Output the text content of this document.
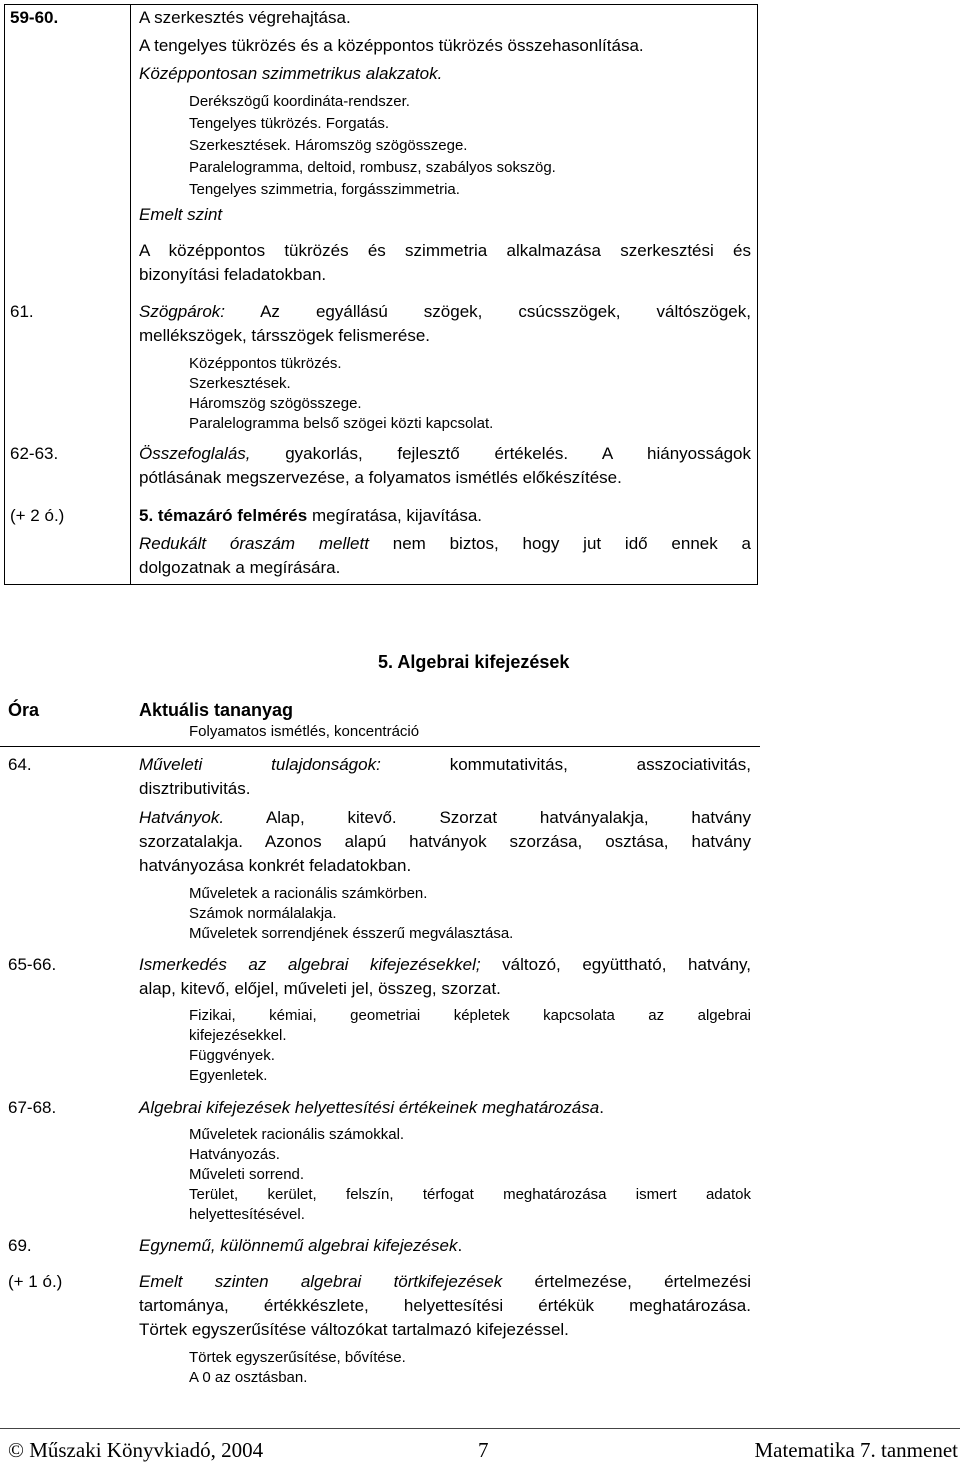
59-60.	A szerkesztés végrehajtása.
A tengelyes tükrözés és a középpontos tükrözés összehasonlítása.
Középpontosan szimmetrikus alakzatok.
Derékszögű koordináta-rendszer.
Tengelyes tükrözés. Forgatás.
Szerkesztések. Háromszög szögösszege.
Paralelogramma, deltoid, rombusz, szabályos sokszög.
Tengelyes szimmetria, forgásszimmetria.
Emelt szint
A középpontos tükrözés és szimmetria alkalmazása szerkesztési és
bizonyítási feladatokban.
61.	Szögpárok: Az egyállású szögek, csúcsszögek, váltószögek,
mellékszögek, társszögek felismerése.
Középpontos tükrözés.
Szerkesztések.
Háromszög szögösszege.
Paralelogramma belső szögei közti kapcsolat.
62-63.	Összefoglalás, gyakorlás, fejlesztő értékelés. A hiányosságok
pótlásának megszervezése, a folyamatos ismétlés előkészítése.
(+ 2 ó.)	5. témazáró felmérés megíratása, kijavítása.
Redukált óraszám mellett nem biztos, hogy jut idő ennek a
dolgozatnak a megírására.
5. Algebrai kifejezések
Óra	Aktuális tananyag
Folyamatos ismétlés, koncentráció
64.	Műveleti tulajdonságok:	kommutativitás, asszociativitás,
disztributivitás.
Hatványok. Alap, kitevő. Szorzat hatványalakja, hatvány
szorzatalakja. Azonos alapú hatványok szorzása, osztása, hatvány
hatványozása konkrét feladatokban.
Műveletek a racionális számkörben.
Számok normálalakja.
Műveletek sorrendjének ésszerű megválasztása.
65-66.	Ismerkedés az algebrai kifejezésekkel; változó, együttható, hatvány,
alap, kitevő, előjel, műveleti jel, összeg, szorzat.
Fizikai, kémiai, geometriai képletek kapcsolata az algebrai
kifejezésekkel.
Függvények.
Egyenletek.
67-68.	Algebrai kifejezések helyettesítési értékeinek meghatározása.
Műveletek racionális számokkal.
Hatványozás.
Műveleti sorrend.
Terület, kerület, felszín, térfogat meghatározása ismert adatok
helyettesítésével.
69.	Egynemű, különnemű algebrai kifejezések.
(+ 1 ó.)	Emelt szinten algebrai törtkifejezések értelmezése, értelmezési
tartománya, értékkészlete, helyettesítési értékük meghatározása.
Törtek egyszerűsítése változókat tartalmazó kifejezéssel.
Törtek egyszerűsítése, bővítése.
A 0 az osztásban.
© Műszaki Könyvkiadó, 2004	7	Matematika 7. tanmenet
